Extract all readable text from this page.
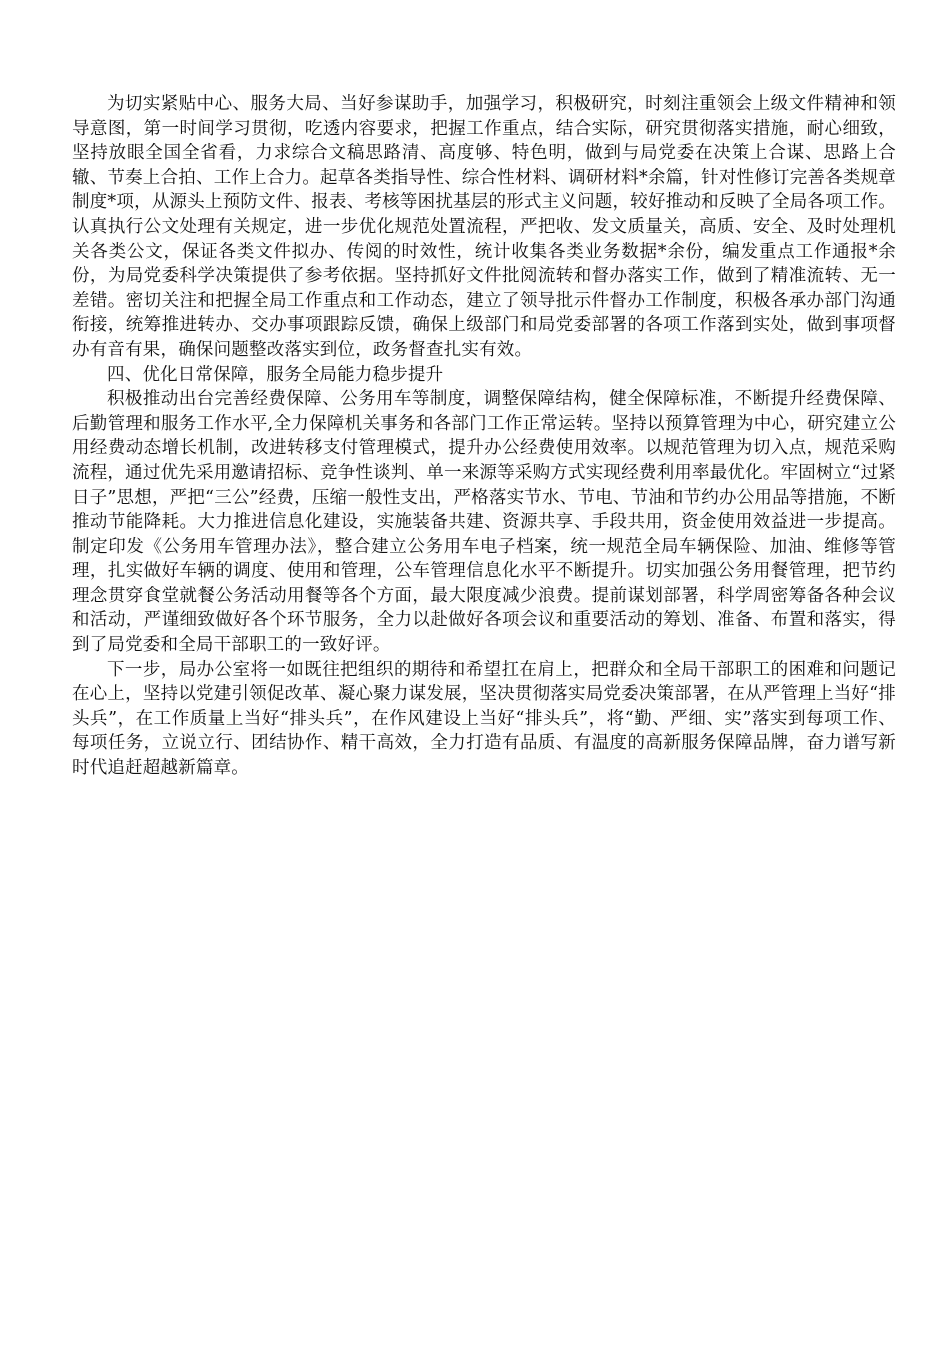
为切实紧贴中心、服务大局、当好参谋助手，加强学习，积极研究，时刻注重领会上级文件精神和领导意图，第一时间学习贯彻，吃透内容要求，把握工作重点，结合实际，研究贯彻落实措施，耐心细致，坚持放眼全国全省看，力求综合文稿思路清、高度够、特色明，做到与局党委在决策上合谋、思路上合辙、节奏上合拍、工作上合力。起草各类指导性、综合性材料、调研材料*余篇，针对性修订完善各类规章制度*项，从源头上预防文件、报表、考核等困扰基层的形式主义问题，较好推动和反映了全局各项工作。认真执行公文处理有关规定，进一步优化规范处置流程，严把收、发文质量关，高质、安全、及时处理机关各类公文，保证各类文件拟办、传阅的时效性，统计收集各类业务数据*余份，编发重点工作通报*余份，为局党委科学决策提供了参考依据。坚持抓好文件批阅流转和督办落实工作，做到了精准流转、无一差错。密切关注和把握全局工作重点和工作动态，建立了领导批示件督办工作制度，积极各承办部门沟通衔接，统筹推进转办、交办事项跟踪反馈，确保上级部门和局党委部署的各项工作落到实处，做到事项督办有音有果，确保问题整改落实到位，政务督查扎实有效。

四、优化日常保障，服务全局能力稳步提升

积极推动出台完善经费保障、公务用车等制度，调整保障结构，健全保障标准，不断提升经费保障、后勤管理和服务工作水平,全力保障机关事务和各部门工作正常运转。坚持以预算管理为中心，研究建立公用经费动态增长机制，改进转移支付管理模式，提升办公经费使用效率。以规范管理为切入点，规范采购流程，通过优先采用邀请招标、竞争性谈判、单一来源等采购方式实现经费利用率最优化。牢固树立“过紧日子”思想，严把“三公”经费，压缩一般性支出，严格落实节水、节电、节油和节约办公用品等措施，不断推动节能降耗。大力推进信息化建设，实施装备共建、资源共享、手段共用，资金使用效益进一步提高。制定印发《公务用车管理办法》，整合建立公务用车电子档案，统一规范全局车辆保险、加油、维修等管理，扎实做好车辆的调度、使用和管理，公车管理信息化水平不断提升。切实加强公务用餐管理，把节约理念贯穿食堂就餐公务活动用餐等各个方面，最大限度减少浪费。提前谋划部署，科学周密筹备各种会议和活动，严谨细致做好各个环节服务，全力以赴做好各项会议和重要活动的筹划、准备、布置和落实，得到了局党委和全局干部职工的一致好评。

下一步，局办公室将一如既往把组织的期待和希望扛在肩上，把群众和全局干部职工的困难和问题记在心上，坚持以党建引领促改革、凝心聚力谋发展，坚决贯彻落实局党委决策部署，在从严管理上当好“排头兵”，在工作质量上当好“排头兵”，在作风建设上当好“排头兵”，将“勤、严细、实”落实到每项工作、每项任务，立说立行、团结协作、精干高效，全力打造有品质、有温度的高新服务保障品牌，奋力谱写新时代追赶超越新篇章。
